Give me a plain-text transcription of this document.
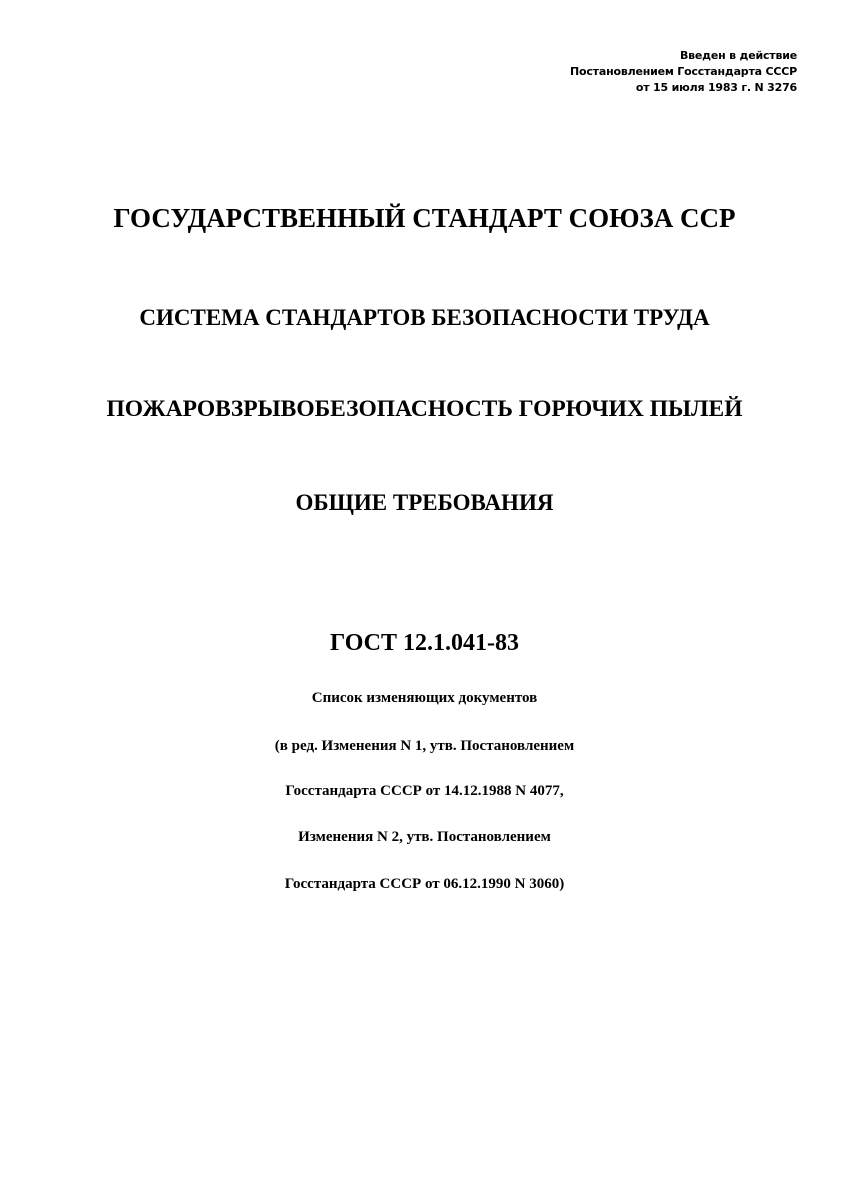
Введен в действие
Постановлением Госстандарта СССР
от 15 июля 1983 г. N 3276
ГОСУДАРСТВЕННЫЙ СТАНДАРТ СОЮЗА ССР
СИСТЕМА СТАНДАРТОВ БЕЗОПАСНОСТИ ТРУДА
ПОЖАРОВЗРЫВОБЕЗОПАСНОСТЬ ГОРЮЧИХ ПЫЛЕЙ
ОБЩИЕ ТРЕБОВАНИЯ
ГОСТ 12.1.041-83
Список изменяющих документов
(в ред. Изменения N 1, утв. Постановлением
Госстандарта СССР от 14.12.1988 N 4077,
Изменения N 2, утв. Постановлением
Госстандарта СССР от 06.12.1990 N 3060)
